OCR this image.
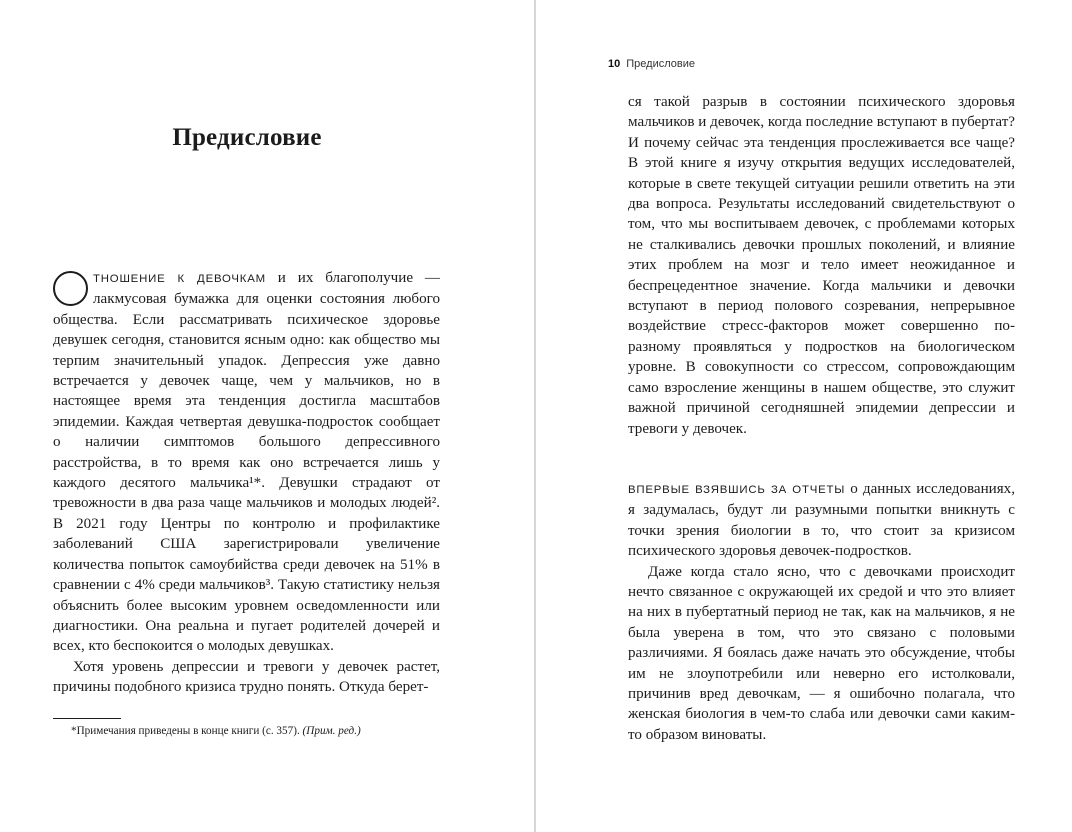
Предисловие

ТНОШЕНИЕ К ДЕВОЧКАМ и их благополучие — лакмусовая бумажка для оценки состояния любого общества. Если рассматривать психическое здоровье девушек сегодня, становится ясным одно: как общество мы терпим значительный упадок. Депрессия уже давно встречается у девочек чаще, чем у мальчиков, но в настоящее время эта тенденция достигла масштабов эпидемии. Каждая четвертая девушка-подросток сообщает о наличии симптомов большого депрессивного расстройства, в то время как оно встречается лишь у каждого десятого мальчика¹*. Девушки страдают от тревожности в два раза чаще мальчиков и молодых людей². В 2021 году Центры по контролю и профилактике заболеваний США зарегистрировали увеличение количества попыток самоубийства среди девочек на 51% в сравнении с 4% среди мальчиков³. Такую статистику нельзя объяснить более высоким уровнем осведомленности или диагностики. Она реальна и пугает родителей дочерей и всех, кто беспокоится о молодых девушках.

Хотя уровень депрессии и тревоги у девочек растет, причины подобного кризиса трудно понять. Откуда берет-

*Примечания приведены в конце книги (с. 357). (Прим. ред.)

10 Предисловие

ся такой разрыв в состоянии психического здоровья мальчиков и девочек, когда последние вступают в пубертат? И почему сейчас эта тенденция прослеживается все чаще? В этой книге я изучу открытия ведущих исследователей, которые в свете текущей ситуации решили ответить на эти два вопроса. Результаты исследований свидетельствуют о том, что мы воспитываем девочек, с проблемами которых не сталкивались девочки прошлых поколений, и влияние этих проблем на мозг и тело имеет неожиданное и беспрецедентное значение. Когда мальчики и девочки вступают в период полового созревания, непрерывное воздействие стресс-факторов может совершенно по-разному проявляться у подростков на биологическом уровне. В совокупности со стрессом, сопровождающим само взросление женщины в нашем обществе, это служит важной причиной сегодняшней эпидемии депрессии и тревоги у девочек.

ВПЕРВЫЕ ВЗЯВШИСЬ ЗА ОТЧЕТЫ о данных исследованиях, я задумалась, будут ли разумными попытки вникнуть с точки зрения биологии в то, что стоит за кризисом психического здоровья девочек-подростков.

Даже когда стало ясно, что с девочками происходит нечто связанное с окружающей их средой и что это влияет на них в пубертатный период не так, как на мальчиков, я не была уверена в том, что это связано с половыми различиями. Я боялась даже начать это обсуждение, чтобы им не злоупотребили или неверно его истолковали, причинив вред девочкам, — я ошибочно полагала, что женская биология в чем-то слаба или девочки сами каким-то образом виноваты.
